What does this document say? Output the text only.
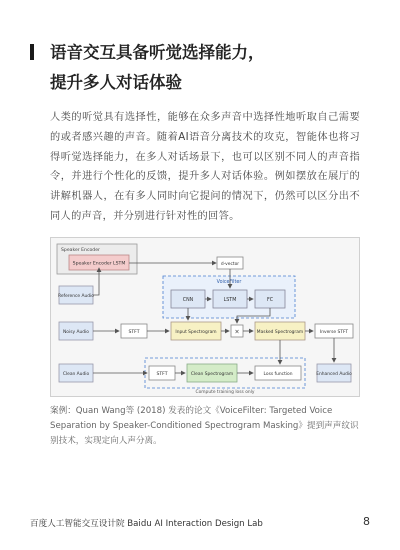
语音交互具备听觉选择能力，
提升多人对话体验
人类的听觉具有选择性，能够在众多声音中选择性地听取自己需要的或者感兴趣的声音。随着AI语音分离技术的攻克，智能体也将习得听觉选择能力，在多人对话场景下，也可以区别不同人的声音指令，并进行个性化的反馈，提升多人对话体验。例如摆放在展厅的讲解机器人，在有多人同时向它提问的情况下，仍然可以区分出不同人的声音，并分别进行针对性的回答。
Speaker Encoder
Speaker Encoder LSTM	d-vector
VoiceFilter
Reference Audio
CNN	LSTM	FC
Noisy Audio	STFT	Input Spectrogram	×	Masked Spectrogram	Inverse STFT
Clean Audio	STFT	Clean Spectrogram	Loss function
Compute training loss only
Enhanced Audio
案例：Quan Wang等 (2018) 发表的论文《VoiceFilter: Targeted Voice Separation by Speaker-Conditioned Spectrogram Masking》提到声声纹识别技术，实现定向人声分离。
百度人工智能交互设计院 Baidu AI Interaction Design Lab	8
